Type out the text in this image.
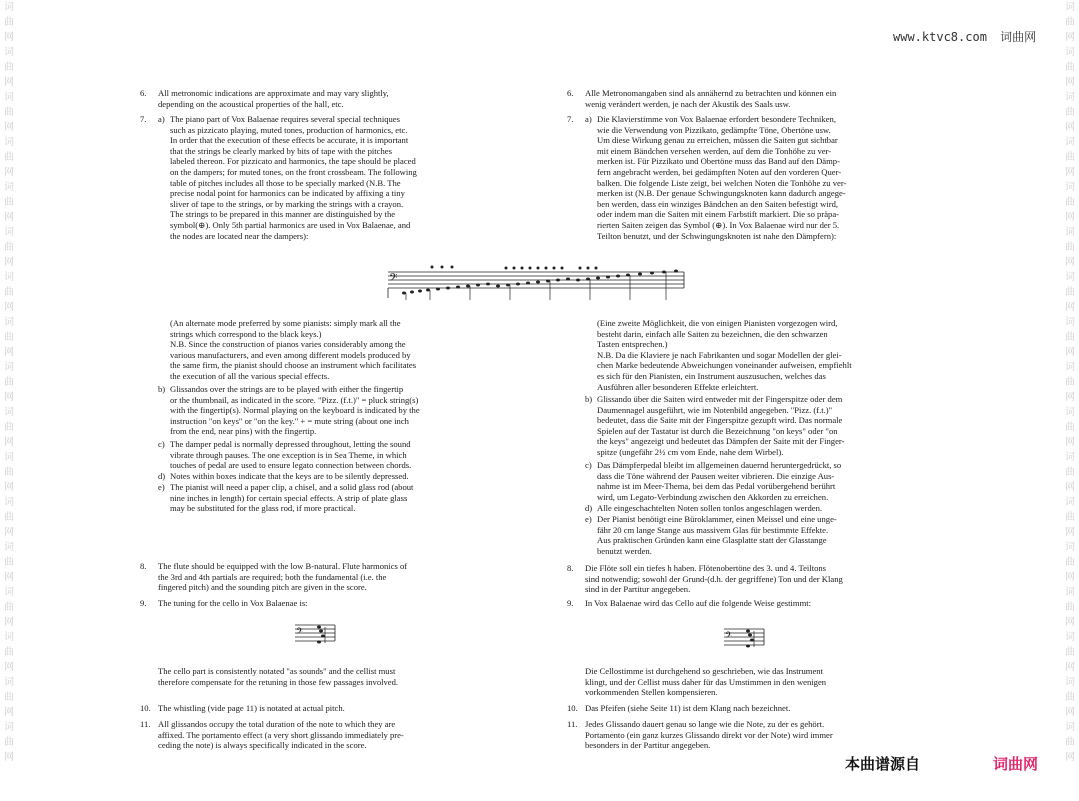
词
曲
网
词
曲
网
词
曲
网
词
曲
网
词
曲
网
词
曲
网
词
曲
网
词
曲
网
词
曲
网
词
曲
网
词
曲
网
词
曲
网
词
曲
网
词
曲
网
词
曲
网
词
曲
网
词
曲
网
词
曲
网
词
曲
网
词
曲
网
词
曲
网
词
曲
网
词
曲
网
词
曲
网
词
曲
网
词
曲
网
词
曲
网
词
曲
网
词
曲
网
词
曲
网
词
曲
网
词
曲
网
词
曲
网
词
曲
网
www.ktvc8.com 词曲网
6. All metronomic indications are approximate and may vary slightly,
depending on the acoustical properties of the hall, etc.
7. a) The piano part of Vox Balaenae requires several special techniques
such as pizzicato playing, muted tones, production of harmonics, etc.
In order that the execution of these effects be accurate, it is important
that the strings be clearly marked by bits of tape with the pitches
labeled thereon. For pizzicato and harmonics, the tape should be placed
on the dampers; for muted tones, on the front crossbeam. The following
table of pitches includes all those to be specially marked (N.B. The
precise nodal point for harmonics can be indicated by affixing a tiny
sliver of tape to the strings, or by marking the strings with a crayon.
The strings to be prepared in this manner are distinguished by the
symbol(⊕). Only 5th partial harmonics are used in Vox Balaenae, and
the nodes are located near the dampers):
(An alternate mode preferred by some pianists: simply mark all the
strings which correspond to the black keys.)
N.B. Since the construction of pianos varies considerably among the
various manufacturers, and even among different models produced by
the same firm, the pianist should choose an instrument which facilitates
the execution of all the various special effects.
b) Glissandos over the strings are to be played with either the fingertip
or the thumbnail, as indicated in the score. "Pizz. (f.t.)" = pluck string(s)
with the fingertip(s). Normal playing on the keyboard is indicated by the
instruction "on keys" or "on the key." + = mute string (about one inch
from the end, near pins) with the fingertip.
c) The damper pedal is normally depressed throughout, letting the sound
vibrate through pauses. The one exception is in Sea Theme, in which
touches of pedal are used to ensure legato connection between chords.
d) Notes within boxes indicate that the keys are to be silently depressed.
e) The pianist will need a paper clip, a chisel, and a solid glass rod (about
nine inches in length) for certain special effects. A strip of plate glass
may be substituted for the glass rod, if more practical.
8. The flute should be equipped with the low B-natural. Flute harmonics of
the 3rd and 4th partials are required; both the fundamental (i.e. the
fingered pitch) and the sounding pitch are given in the score.
9. The tuning for the cello in Vox Balaenae is:
The cello part is consistently notated "as sounds" and the cellist must
therefore compensate for the retuning in those few passages involved.
10. The whistling (vide page 11) is notated at actual pitch.
11. All glissandos occupy the total duration of the note to which they are
affixed. The portamento effect (a very short glissando immediately pre-
ceding the note) is always specifically indicated in the score.
6. Alle Metronomangaben sind als annähernd zu betrachten und können ein
wenig verändert werden, je nach der Akustik des Saals usw.
7. a) Die Klavierstimme von Vox Balaenae erfordert besondere Techniken,
wie die Verwendung von Pizzikato, gedämpfte Töne, Obertöne usw.
Um diese Wirkung genau zu erreichen, müssen die Saiten gut sichtbar
mit einem Bändchen versehen werden, auf dem die Tonhöhe zu ver-
merken ist. Für Pizzikato und Obertöne muss das Band auf den Dämp-
fern angebracht werden, bei gedämpften Noten auf den vorderen Quer-
balken. Die folgende Liste zeigt, bei welchen Noten die Tonhöhe zu ver-
merken ist (N.B. Der genaue Schwingungsknoten kann dadurch angege-
ben werden, dass ein winziges Bändchen an den Saiten befestigt wird,
oder indem man die Saiten mit einem Farbstift markiert. Die so präpa-
rierten Saiten zeigen das Symbol (⊕). In Vox Balaenae wird nur der 5.
Teilton benutzt, und der Schwingungsknoten ist nahe den Dämpfern):
(Eine zweite Möglichkeit, die von einigen Pianisten vorgezogen wird,
besteht darin, einfach alle Saiten zu bezeichnen, die den schwarzen
Tasten entsprechen.)
N.B. Da die Klaviere je nach Fabrikanten und sogar Modellen der glei-
chen Marke bedeutende Abweichungen voneinander aufweisen, empfiehlt
es sich für den Pianisten, ein Instrument auszusuchen, welches das
Ausführen aller besonderen Effekte erleichtert.
b) Glissando über die Saiten wird entweder mit der Fingerspitze oder dem
Daumennagel ausgeführt, wie im Notenbild angegeben. "Pizz. (f.t.)"
bedeutet, dass die Saite mit der Fingerspitze gezupft wird. Das normale
Spielen auf der Tastatur ist durch die Bezeichnung "on keys" oder "on
the keys" angezeigt und bedeutet das Dämpfen der Saite mit der Finger-
spitze (ungefähr 2½ cm vom Ende, nahe dem Wirbel).
c) Das Dämpferpedal bleibt im allgemeinen dauernd heruntergedrückt, so
dass die Töne während der Pausen weiter vibrieren. Die einzige Aus-
nahme ist im Meer-Thema, bei dem das Pedal vorübergehend berührt
wird, um Legato-Verbindung zwischen den Akkorden zu erreichen.
d) Alle eingeschachtelten Noten sollen tonlos angeschlagen werden.
e) Der Pianist benötigt eine Büroklammer, einen Meissel und eine unge-
fähr 20 cm lange Stange aus massivem Glas für bestimmte Effekte.
Aus praktischen Gründen kann eine Glasplatte statt der Glasstange
benutzt werden.
8. Die Flöte soll ein tiefes h haben. Flötenobertöne des 3. und 4. Teiltons
sind notwendig; sowohl der Grund-(d.h. der gegriffene) Ton und der Klang
sind in der Partitur angegeben.
9. In Vox Balaenae wird das Cello auf die folgende Weise gestimmt:
Die Cellostimme ist durchgehend so geschrieben, wie das Instrument
klingt, und der Cellist muss daher für das Umstimmen in den wenigen
vorkommenden Stellen kompensieren.
10. Das Pfeifen (siehe Seite 11) ist dem Klang nach bezeichnet.
11. Jedes Glissando dauert genau so lange wie die Note, zu der es gehört.
Portamento (ein ganz kurzes Glissando direkt vor der Note) wird immer
besonders in der Partitur angegeben.
𝄢
𝄢	𝄢
本曲谱源自	词曲网
